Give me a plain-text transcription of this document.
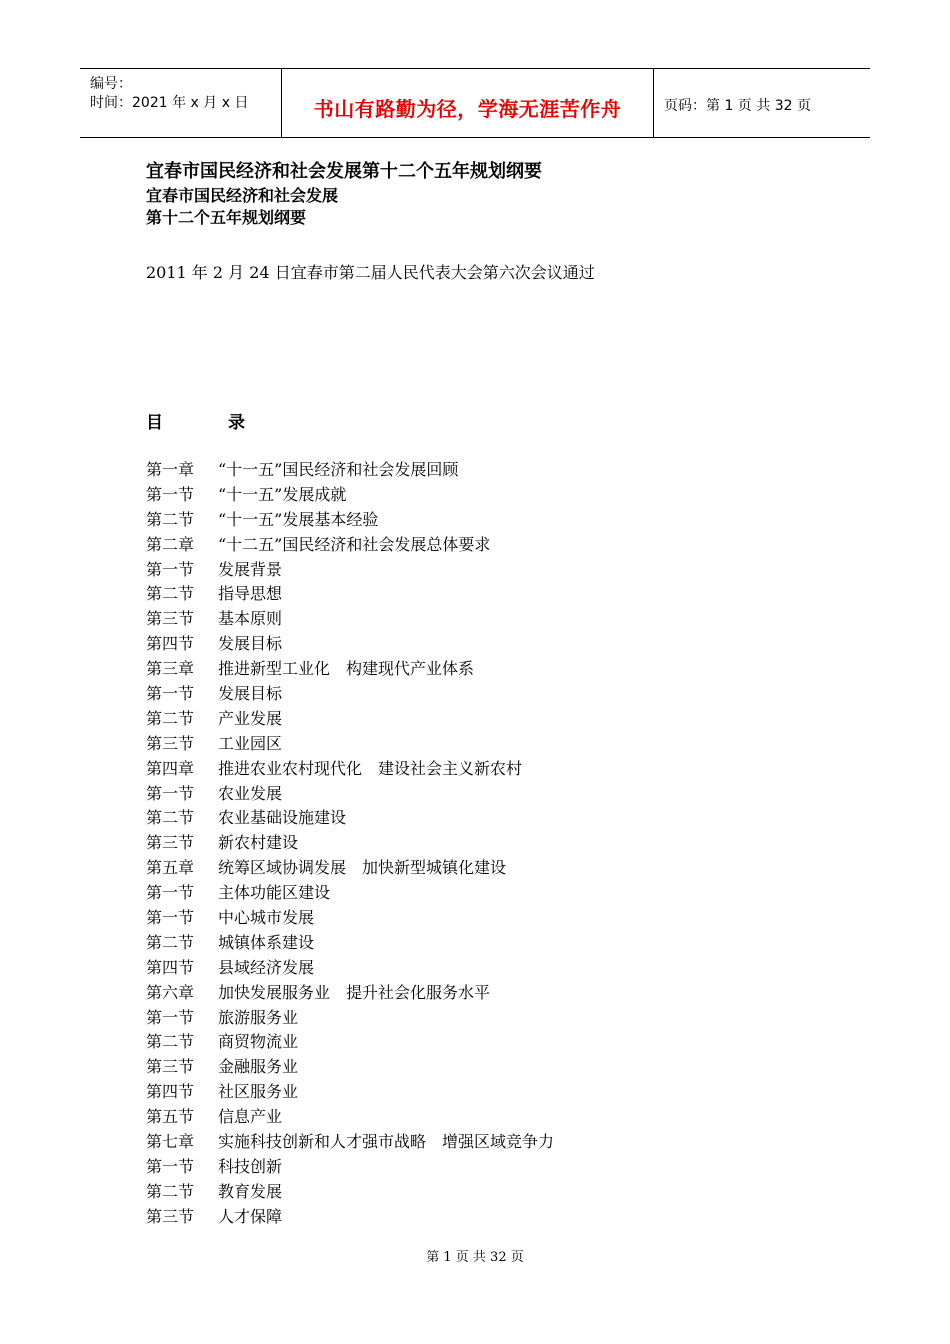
编号：
时间：2021 年 x 月 x 日	书山有路勤为径，学海无涯苦作舟	页码：第 1 页 共 32 页
宜春市国民经济和社会发展第十二个五年规划纲要
宜春市国民经济和社会发展
第十二个五年规划纲要
2011 年 2 月 24 日宜春市第二届人民代表大会第六次会议通过
目	录
第一章 “十一五”国民经济和社会发展回顾
第一节 “十一五”发展成就
第二节 “十一五”发展基本经验
第二章 “十二五”国民经济和社会发展总体要求
第一节 发展背景
第二节 指导思想
第三节 基本原则
第四节 发展目标
第三章 推进新型工业化　构建现代产业体系
第一节 发展目标
第二节 产业发展
第三节 工业园区
第四章 推进农业农村现代化　建设社会主义新农村
第一节 农业发展
第二节 农业基础设施建设
第三节 新农村建设
第五章 统筹区域协调发展　加快新型城镇化建设
第一节 主体功能区建设
第一节 中心城市发展
第二节 城镇体系建设
第四节 县域经济发展
第六章 加快发展服务业　提升社会化服务水平
第一节 旅游服务业
第二节 商贸物流业
第三节 金融服务业
第四节 社区服务业
第五节 信息产业
第七章 实施科技创新和人才强市战略　增强区域竞争力
第一节 科技创新
第二节 教育发展
第三节 人才保障
第 1 页 共 32 页
